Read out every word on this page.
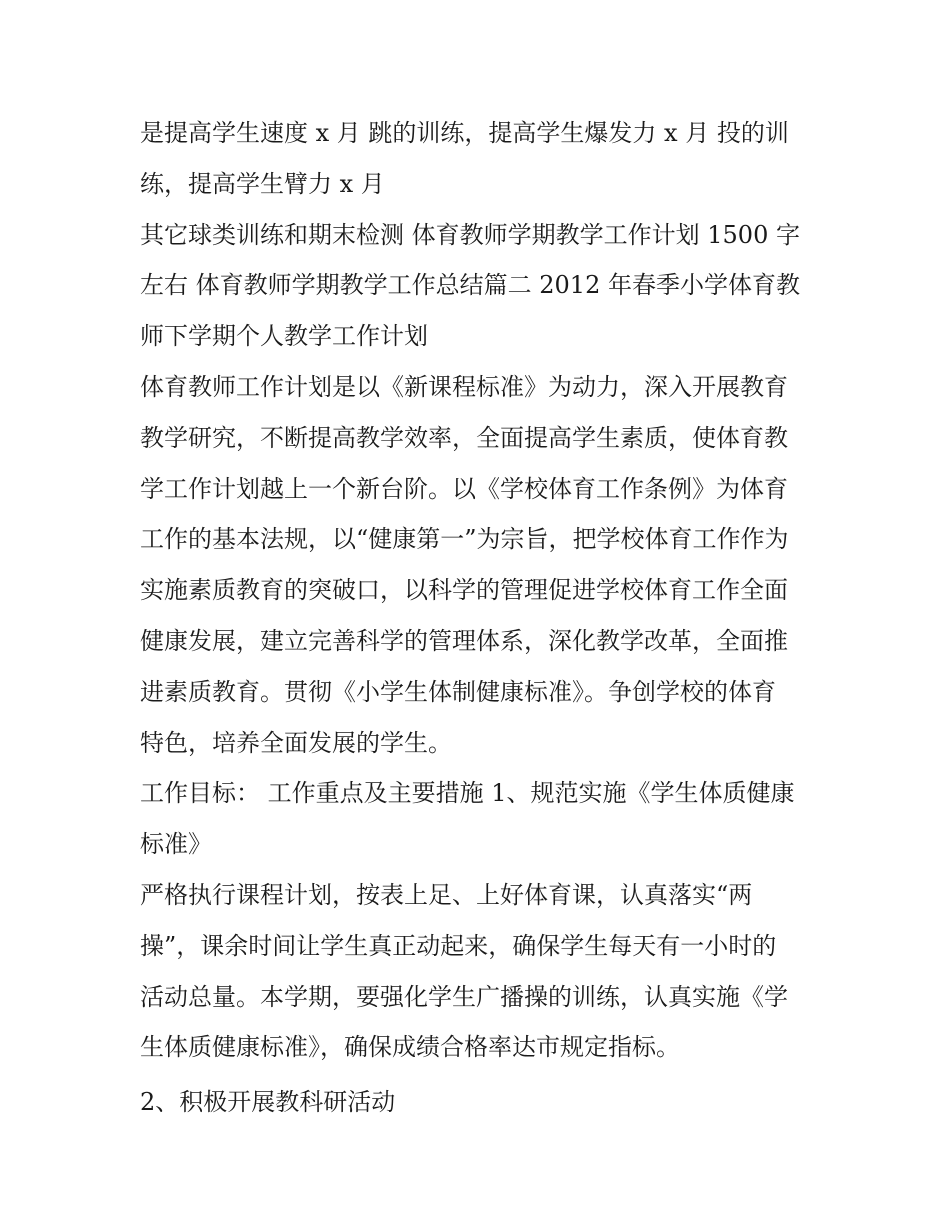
是提高学生速度 x 月 跳的训练，提高学生爆发力 x 月 投的训
练，提高学生臂力 x 月

其它球类训练和期末检测 体育教师学期教学工作计划 1500 字
左右 体育教师学期教学工作总结篇二 2012 年春季小学体育教
师下学期个人教学工作计划

体育教师工作计划是以《新课程标准》为动力，深入开展教育
教学研究，不断提高教学效率，全面提高学生素质，使体育教
学工作计划越上一个新台阶。以《学校体育工作条例》为体育
工作的基本法规，以“健康第一”为宗旨，把学校体育工作作为
实施素质教育的突破口，以科学的管理促进学校体育工作全面
健康发展，建立完善科学的管理体系，深化教学改革，全面推
进素质教育。贯彻《小学生体制健康标准》。争创学校的体育
特色，培养全面发展的学生。

工作目标： 工作重点及主要措施 1、规范实施《学生体质健康
标准》

严格执行课程计划，按表上足、上好体育课，认真落实“两
操”，课余时间让学生真正动起来，确保学生每天有一小时的
活动总量。本学期，要强化学生广播操的训练，认真实施《学
生体质健康标准》，确保成绩合格率达市规定指标。

2、积极开展教科研活动
